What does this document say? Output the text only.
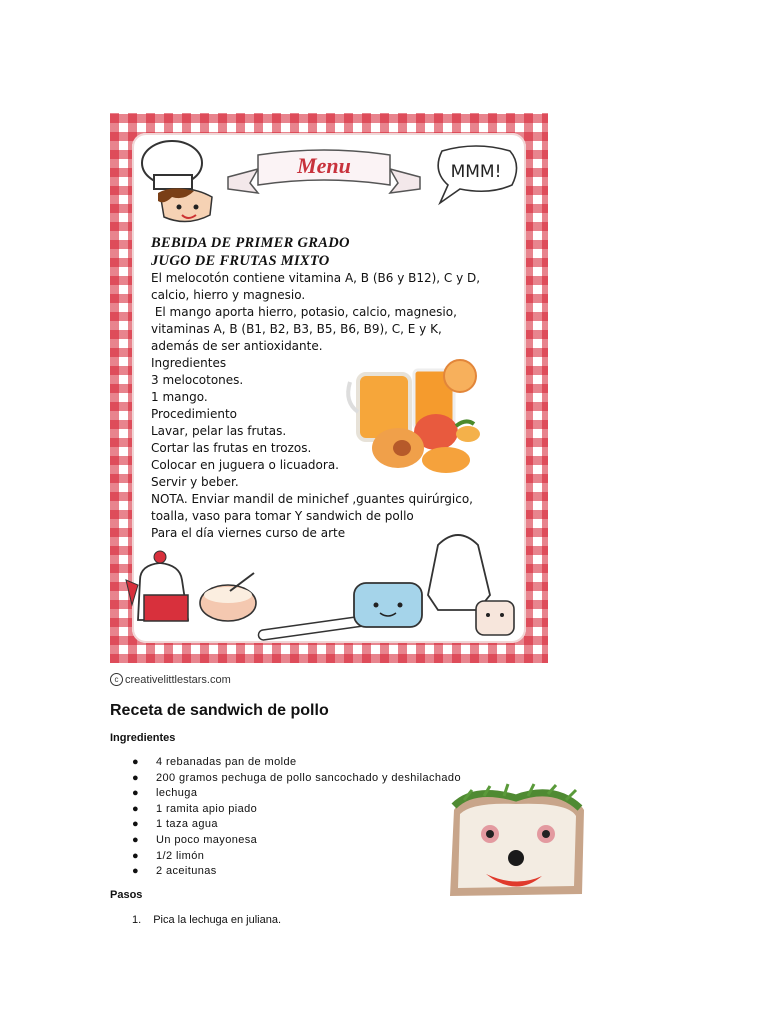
Menu	MMM!

BEBIDA DE PRIMER GRADO

JUGO DE FRUTAS MIXTO

El melocotón contiene vitamina A, B (B6 y B12), C y D,

calcio, hierro y magnesio.

El mango aporta hierro, potasio, calcio, magnesio,

vitaminas A, B (B1, B2, B3, B5, B6, B9), C, E y K,

además de ser antioxidante.

Ingredientes

3 melocotones.

1 mango.

Procedimiento

Lavar, pelar las frutas.

Cortar las frutas en trozos.

Colocar en juguera o licuadora.

Servir y beber.

NOTA. Enviar mandil de minichef ,guantes quirúrgico,

toalla, vaso para tomar Y sandwich de pollo

Para el día viernes curso de arte

c creativelittlestars.com
Receta de sandwich de pollo

Ingredientes

● 4 rebanadas pan de molde
● 200 gramos pechuga de pollo sancochado y deshilachado
● lechuga
● 1 ramita apio piado
● 1 taza agua
● Un poco mayonesa
● 1/2 limón
● 2 aceitunas

Pasos

1. Pica la lechuga en juliana.
